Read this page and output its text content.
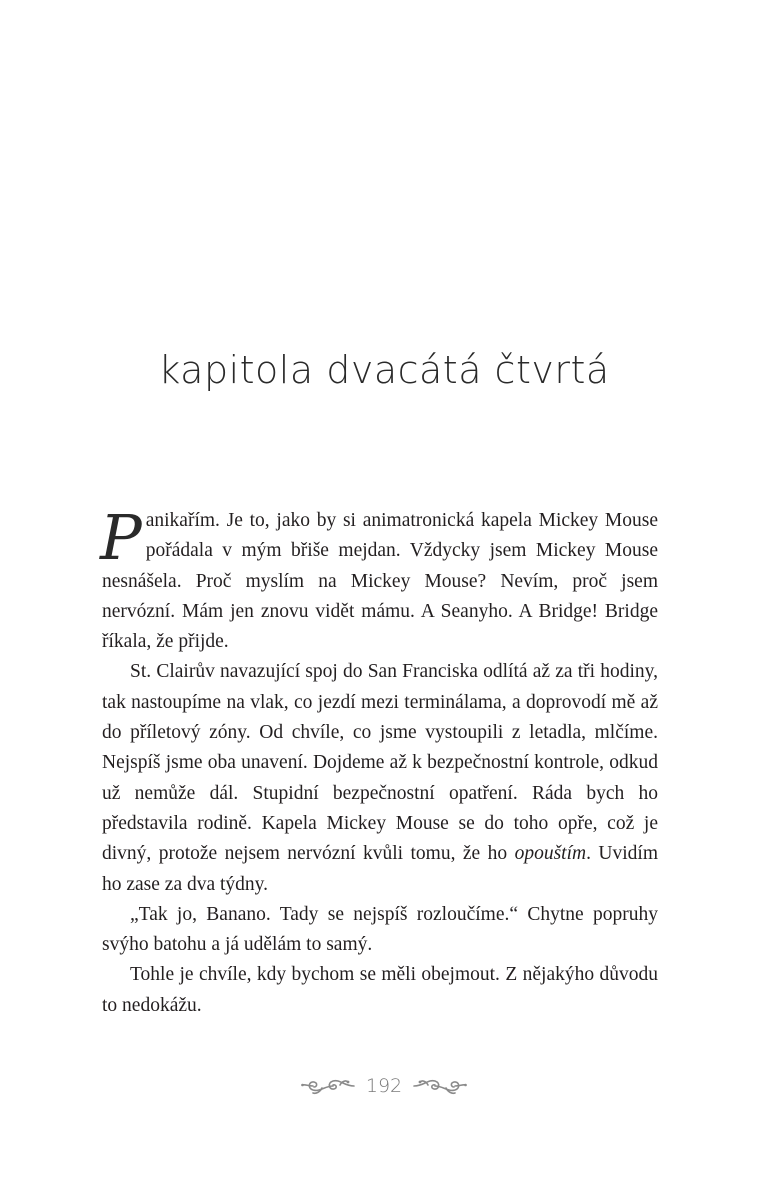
kapitola dvacátá čtvrtá

Panikařím. Je to, jako by si animatronická kapela Mickey Mouse pořádala v mým břiše mejdan. Vždycky jsem Mickey Mouse nesnášela. Proč myslím na Mickey Mouse? Nevím, proč jsem nervózní. Mám jen znovu vidět mámu. A Seanyho. A Bridge! Bridge říkala, že přijde.

St. Clairův navazující spoj do San Franciska odlítá až za tři hodiny, tak nastoupíme na vlak, co jezdí mezi terminálama, a doprovodí mě až do příletový zóny. Od chvíle, co jsme vystoupili z letadla, mlčíme. Nejspíš jsme oba unavení. Dojdeme až k bezpečnostní kontrole, odkud už nemůže dál. Stupidní bezpečnostní opatření. Ráda bych ho představila rodině. Kapela Mickey Mouse se do toho opře, což je divný, protože nejsem nervózní kvůli tomu, že ho opouštím. Uvidím ho zase za dva týdny.

„Tak jo, Banano. Tady se nejspíš rozloučíme.“ Chytne popruhy svýho batohu a já udělám to samý.

Tohle je chvíle, kdy bychom se měli obejmout. Z nějakýho důvodu to nedokážu.

192
